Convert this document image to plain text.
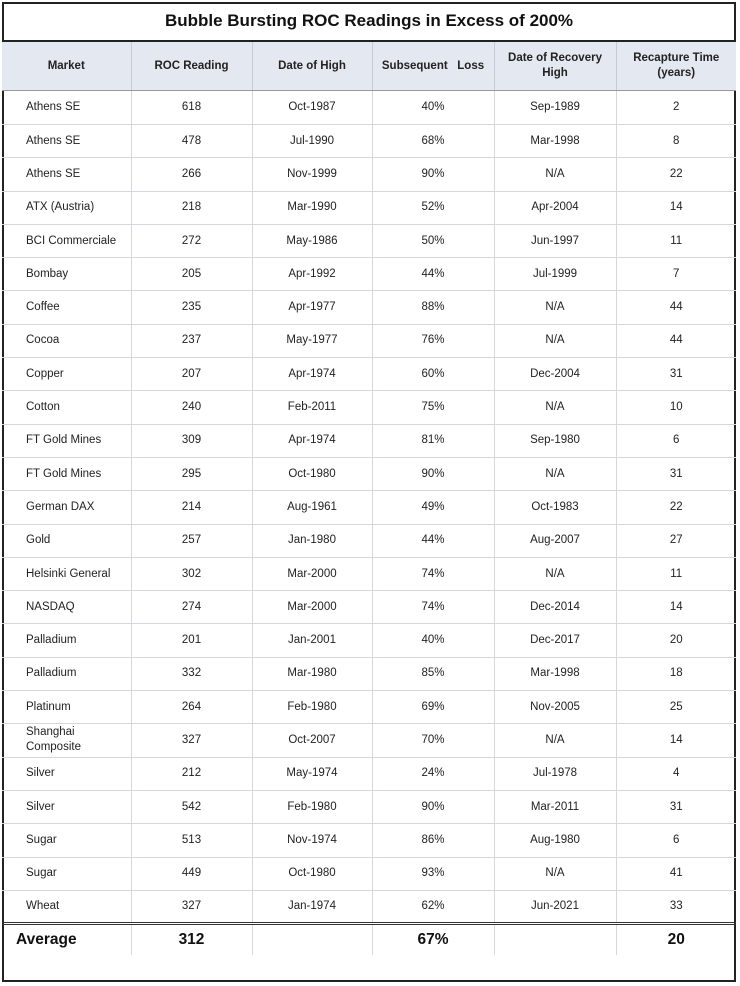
Bubble Bursting ROC Readings in Excess of 200%
Market	ROC Reading	Date of High	Subsequent   Loss	Date of Recovery High	Recapture Time (years)
Athens SE	618	Oct-1987	40%	Sep-1989	2
Athens SE	478	Jul-1990	68%	Mar-1998	8
Athens SE	266	Nov-1999	90%	N/A	22
ATX (Austria)	218	Mar-1990	52%	Apr-2004	14
BCI Commerciale	272	May-1986	50%	Jun-1997	11
Bombay	205	Apr-1992	44%	Jul-1999	7
Coffee	235	Apr-1977	88%	N/A	44
Cocoa	237	May-1977	76%	N/A	44
Copper	207	Apr-1974	60%	Dec-2004	31
Cotton	240	Feb-2011	75%	N/A	10
FT Gold Mines	309	Apr-1974	81%	Sep-1980	6
FT Gold Mines	295	Oct-1980	90%	N/A	31
German DAX	214	Aug-1961	49%	Oct-1983	22
Gold	257	Jan-1980	44%	Aug-2007	27
Helsinki General	302	Mar-2000	74%	N/A	11
NASDAQ	274	Mar-2000	74%	Dec-2014	14
Palladium	201	Jan-2001	40%	Dec-2017	20
Palladium	332	Mar-1980	85%	Mar-1998	18
Platinum	264	Feb-1980	69%	Nov-2005	25
Shanghai Composite	327	Oct-2007	70%	N/A	14
Silver	212	May-1974	24%	Jul-1978	4
Silver	542	Feb-1980	90%	Mar-2011	31
Sugar	513	Nov-1974	86%	Aug-1980	6
Sugar	449	Oct-1980	93%	N/A	41
Wheat	327	Jan-1974	62%	Jun-2021	33
Average	312		67%		20
